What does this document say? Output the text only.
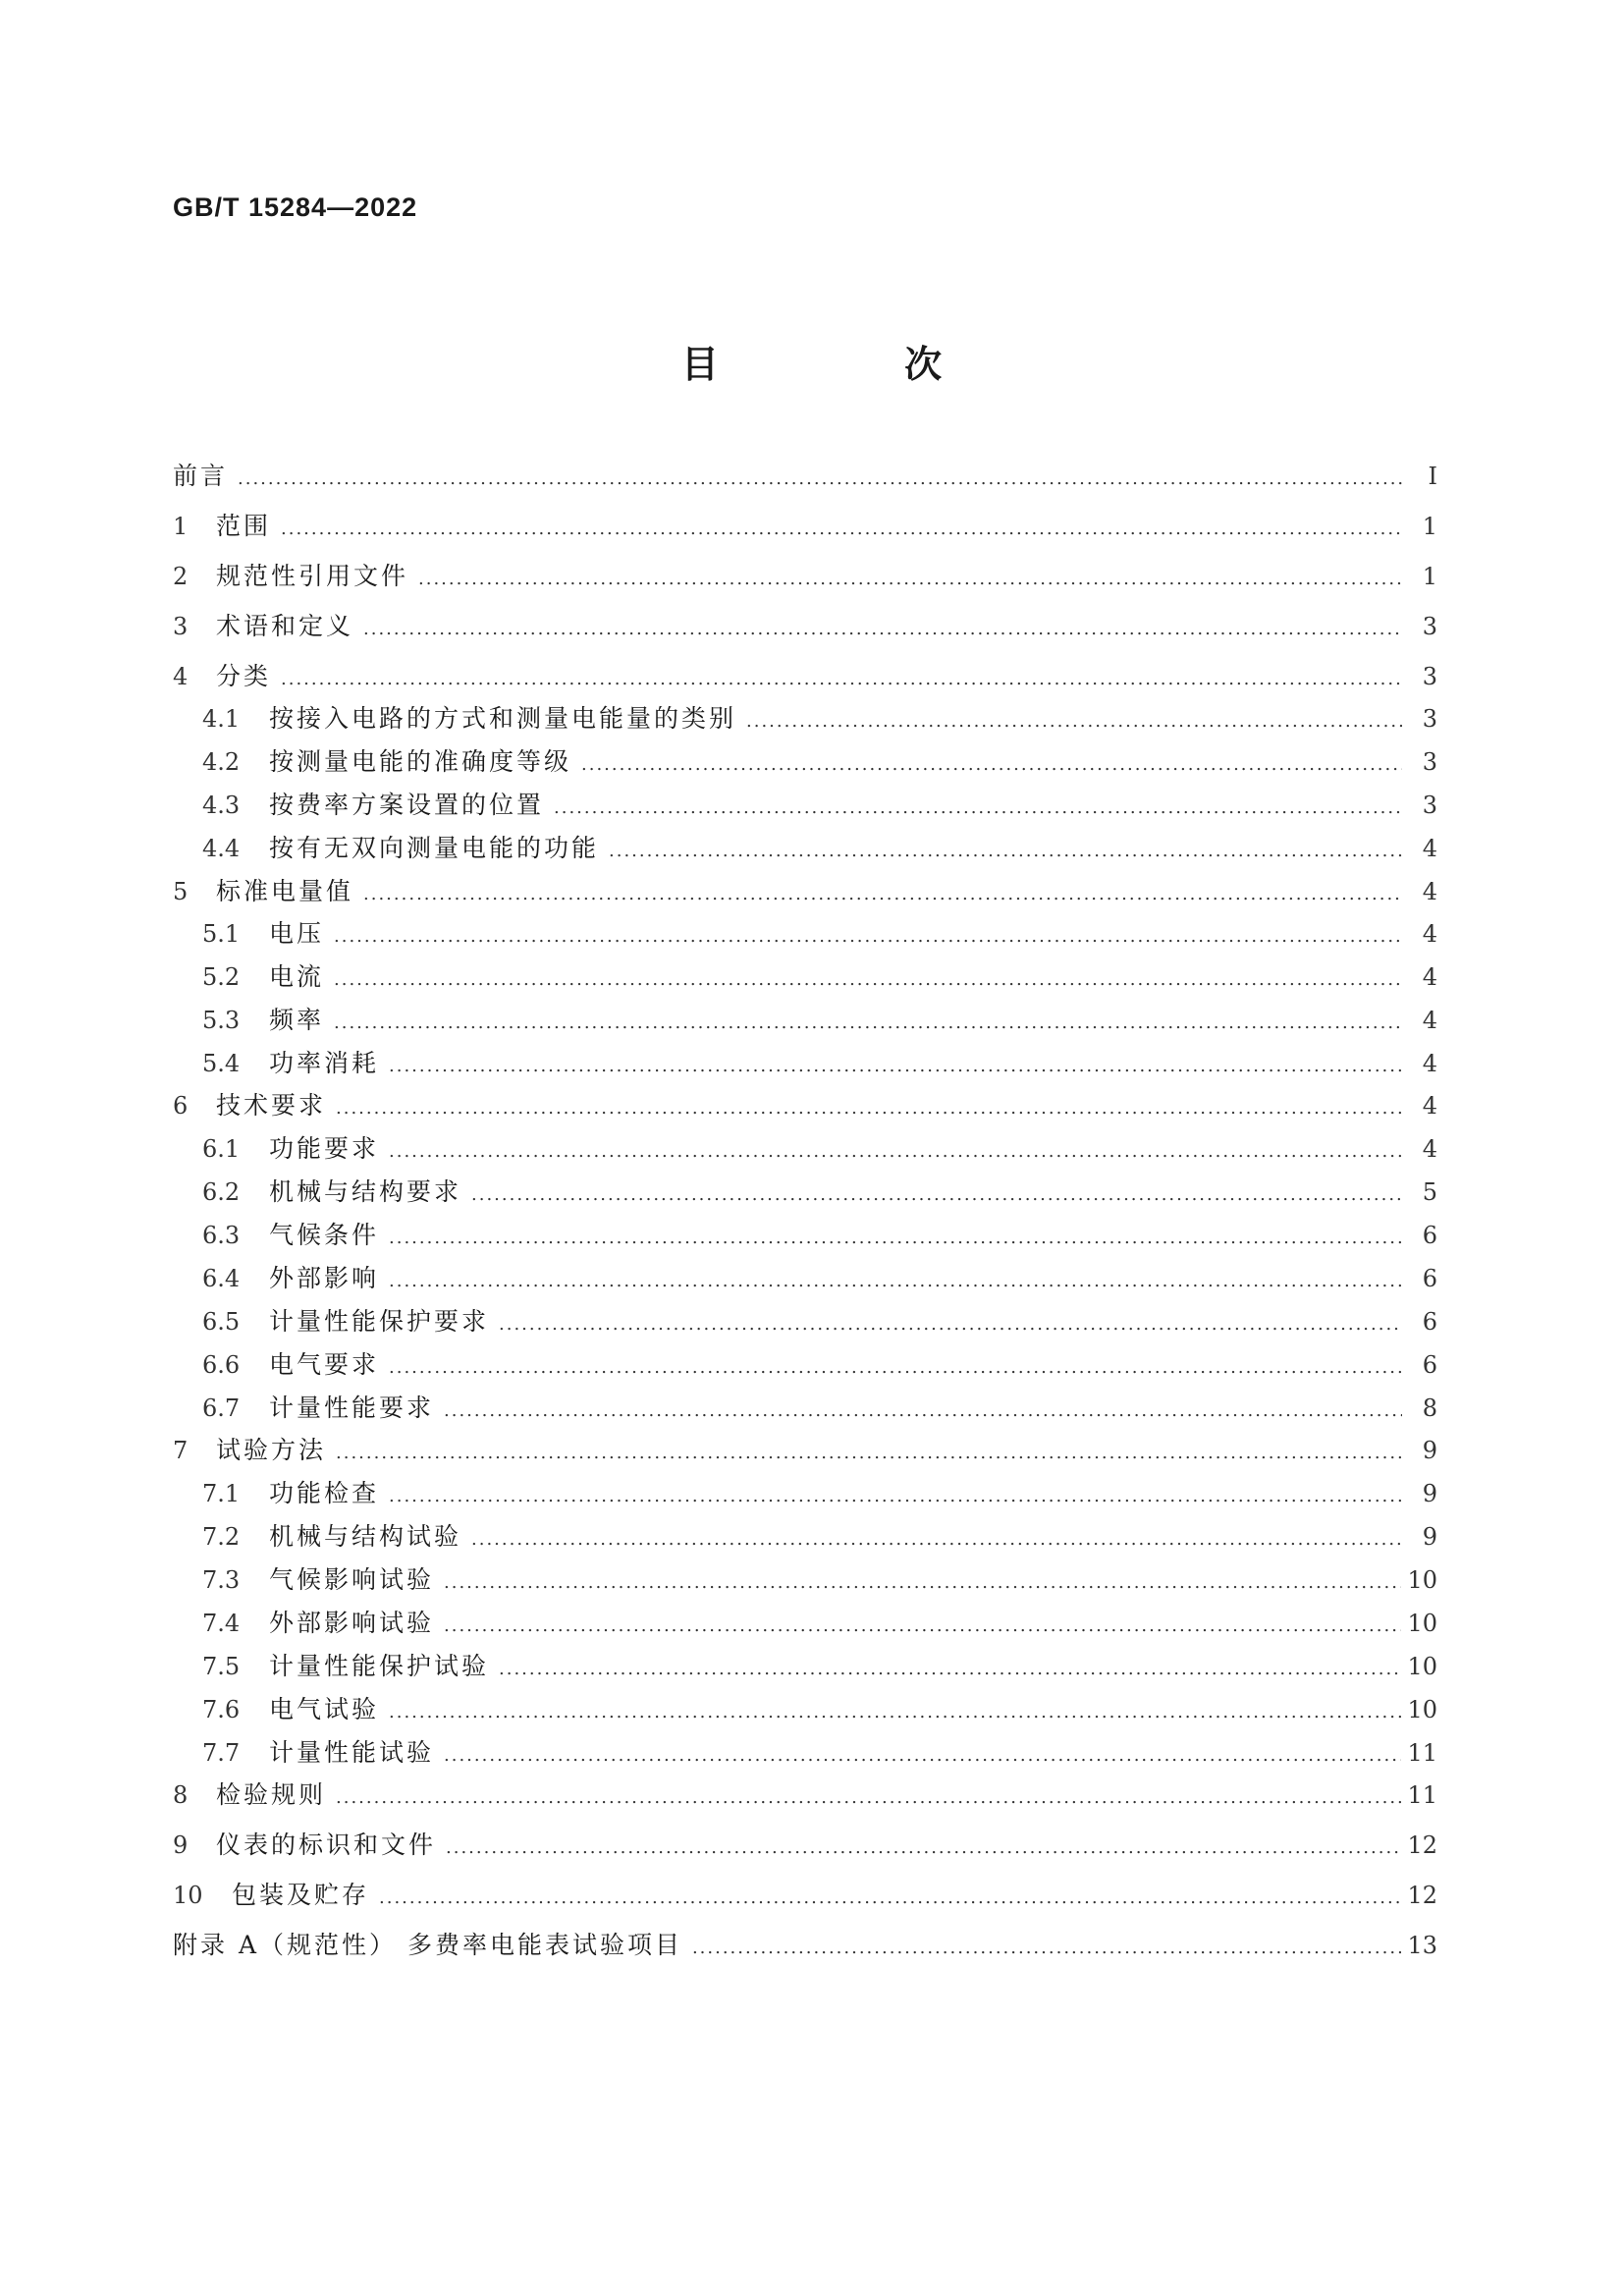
GB/T 15284—2022
目 次
前言 .....	Ⅰ
1	范围 .....	1
2	规范性引用文件 .....	1
3	术语和定义 .....	3
4	分类 .....	3
4.1	按接入电路的方式和测量电能量的类别 .....	3
4.2	按测量电能的准确度等级 .....	3
4.3	按费率方案设置的位置 .....	3
4.4	按有无双向测量电能的功能 .....	4
5	标准电量值 .....	4
5.1	电压 .....	4
5.2	电流 .....	4
5.3	频率 .....	4
5.4	功率消耗 .....	4
6	技术要求 .....	4
6.1	功能要求 .....	4
6.2	机械与结构要求 .....	5
6.3	气候条件 .....	6
6.4	外部影响 .....	6
6.5	计量性能保护要求 .....	6
6.6	电气要求 .....	6
6.7	计量性能要求 .....	8
7	试验方法 .....	9
7.1	功能检查 .....	9
7.2	机械与结构试验 .....	9
7.3	气候影响试验 .....	10
7.4	外部影响试验 .....	10
7.5	计量性能保护试验 .....	10
7.6	电气试验 .....	10
7.7	计量性能试验 .....	11
8	检验规则 .....	11
9	仪表的标识和文件 .....	12
10	包装及贮存 .....	12
附录 A（规范性） 多费率电能表试验项目 .....	13
